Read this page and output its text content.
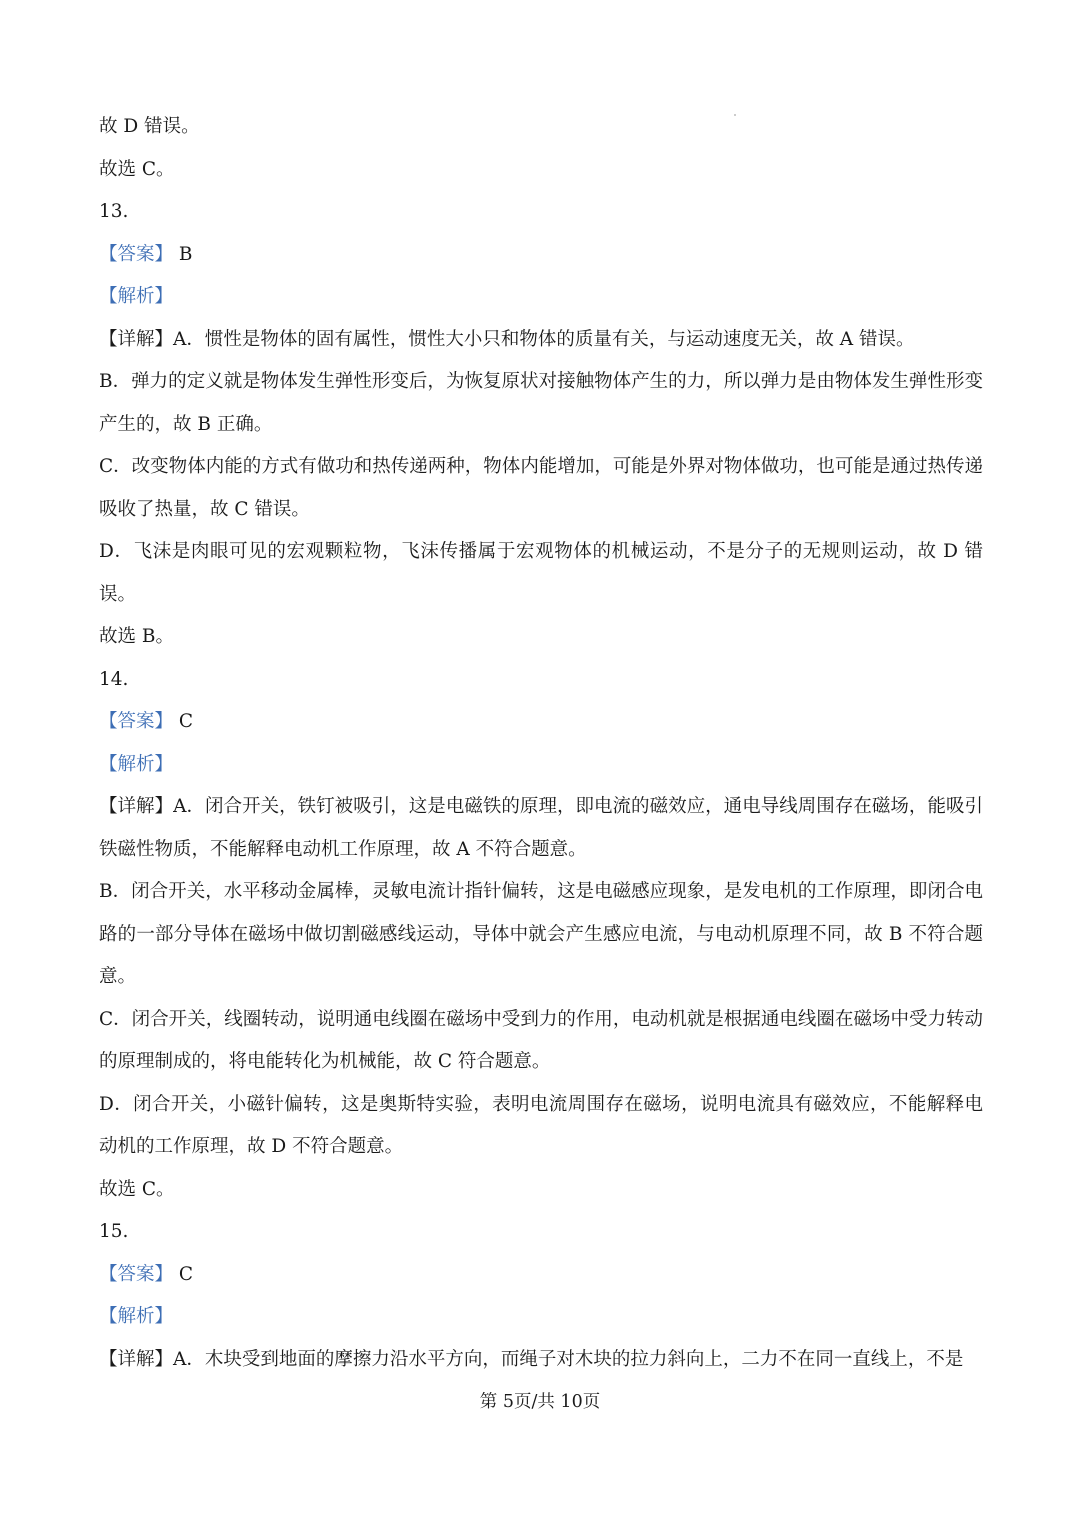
故 D 错误。

故选 C。

13.

【答案】 B

【解析】

【详解】A．惯性是物体的固有属性，惯性大小只和物体的质量有关，与运动速度无关，故 A 错误。

B．弹力的定义就是物体发生弹性形变后，为恢复原状对接触物体产生的力，所以弹力是由物体发生弹性形变产生的，故 B 正确。

C．改变物体内能的方式有做功和热传递两种，物体内能增加，可能是外界对物体做功，也可能是通过热传递吸收了热量，故 C 错误。

D．飞沫是肉眼可见的宏观颗粒物，飞沫传播属于宏观物体的机械运动，不是分子的无规则运动，故 D 错误。

故选 B。

14.

【答案】 C

【解析】

【详解】A．闭合开关，铁钉被吸引，这是电磁铁的原理，即电流的磁效应，通电导线周围存在磁场，能吸引铁磁性物质，不能解释电动机工作原理，故 A 不符合题意。

B．闭合开关，水平移动金属棒，灵敏电流计指针偏转，这是电磁感应现象，是发电机的工作原理，即闭合电路的一部分导体在磁场中做切割磁感线运动，导体中就会产生感应电流，与电动机原理不同，故 B 不符合题意。

C．闭合开关，线圈转动，说明通电线圈在磁场中受到力的作用，电动机就是根据通电线圈在磁场中受力转动的原理制成的，将电能转化为机械能，故 C 符合题意。

D．闭合开关，小磁针偏转，这是奥斯特实验，表明电流周围存在磁场，说明电流具有磁效应，不能解释电动机的工作原理，故 D 不符合题意。

故选 C。

15.

【答案】 C

【解析】

【详解】A．木块受到地面的摩擦力沿水平方向，而绳子对木块的拉力斜向上，二力不在同一直线上，不是

第 5页/共 10页
